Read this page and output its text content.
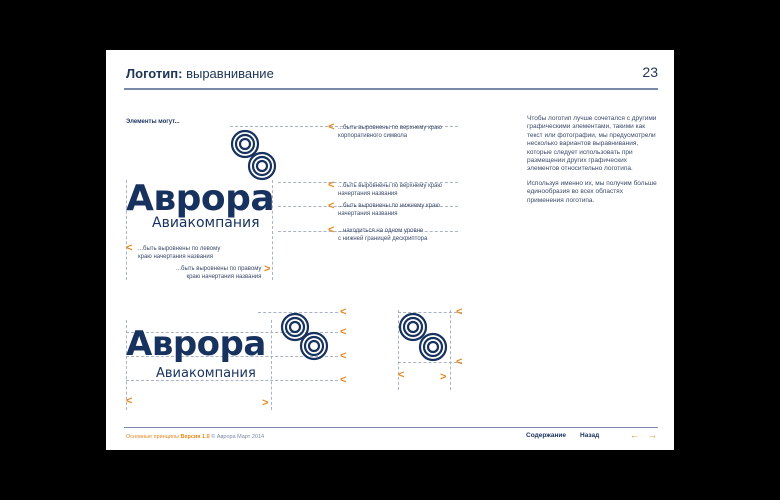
Логотип: выравнивание	23
Элементы могут...
Аврора
Авиакомпания
< ...быть выровнены по верхнему краю
корпоративного символа
< ...быть выровнены по верхнему краю
начертания названия
< ...быть выровнены по нижнему краю
начертания названия
< ...находиться на одном уровне
с нижней границей дескриптора
< ...быть выровнены по левому
краю начертания названия
...быть выровнены по правому
краю начертания названия
>
Аврора
Авиакомпания
<
<
<
<
<	>
<
<
<	>

Чтобы логотип лучше сочетался с другими графическими элементами, такими как текст или фотографии, мы предусмотрели несколько вариантов выравнивания, которые следует использовать при размещении других графических элементов относительно логотипа.

Используя именно их, мы получим больше единообразия во всех областях применения логотипа.

Основные принципы Версия 1.0 © Аврора Март 2014	Содержание Назад	← →
